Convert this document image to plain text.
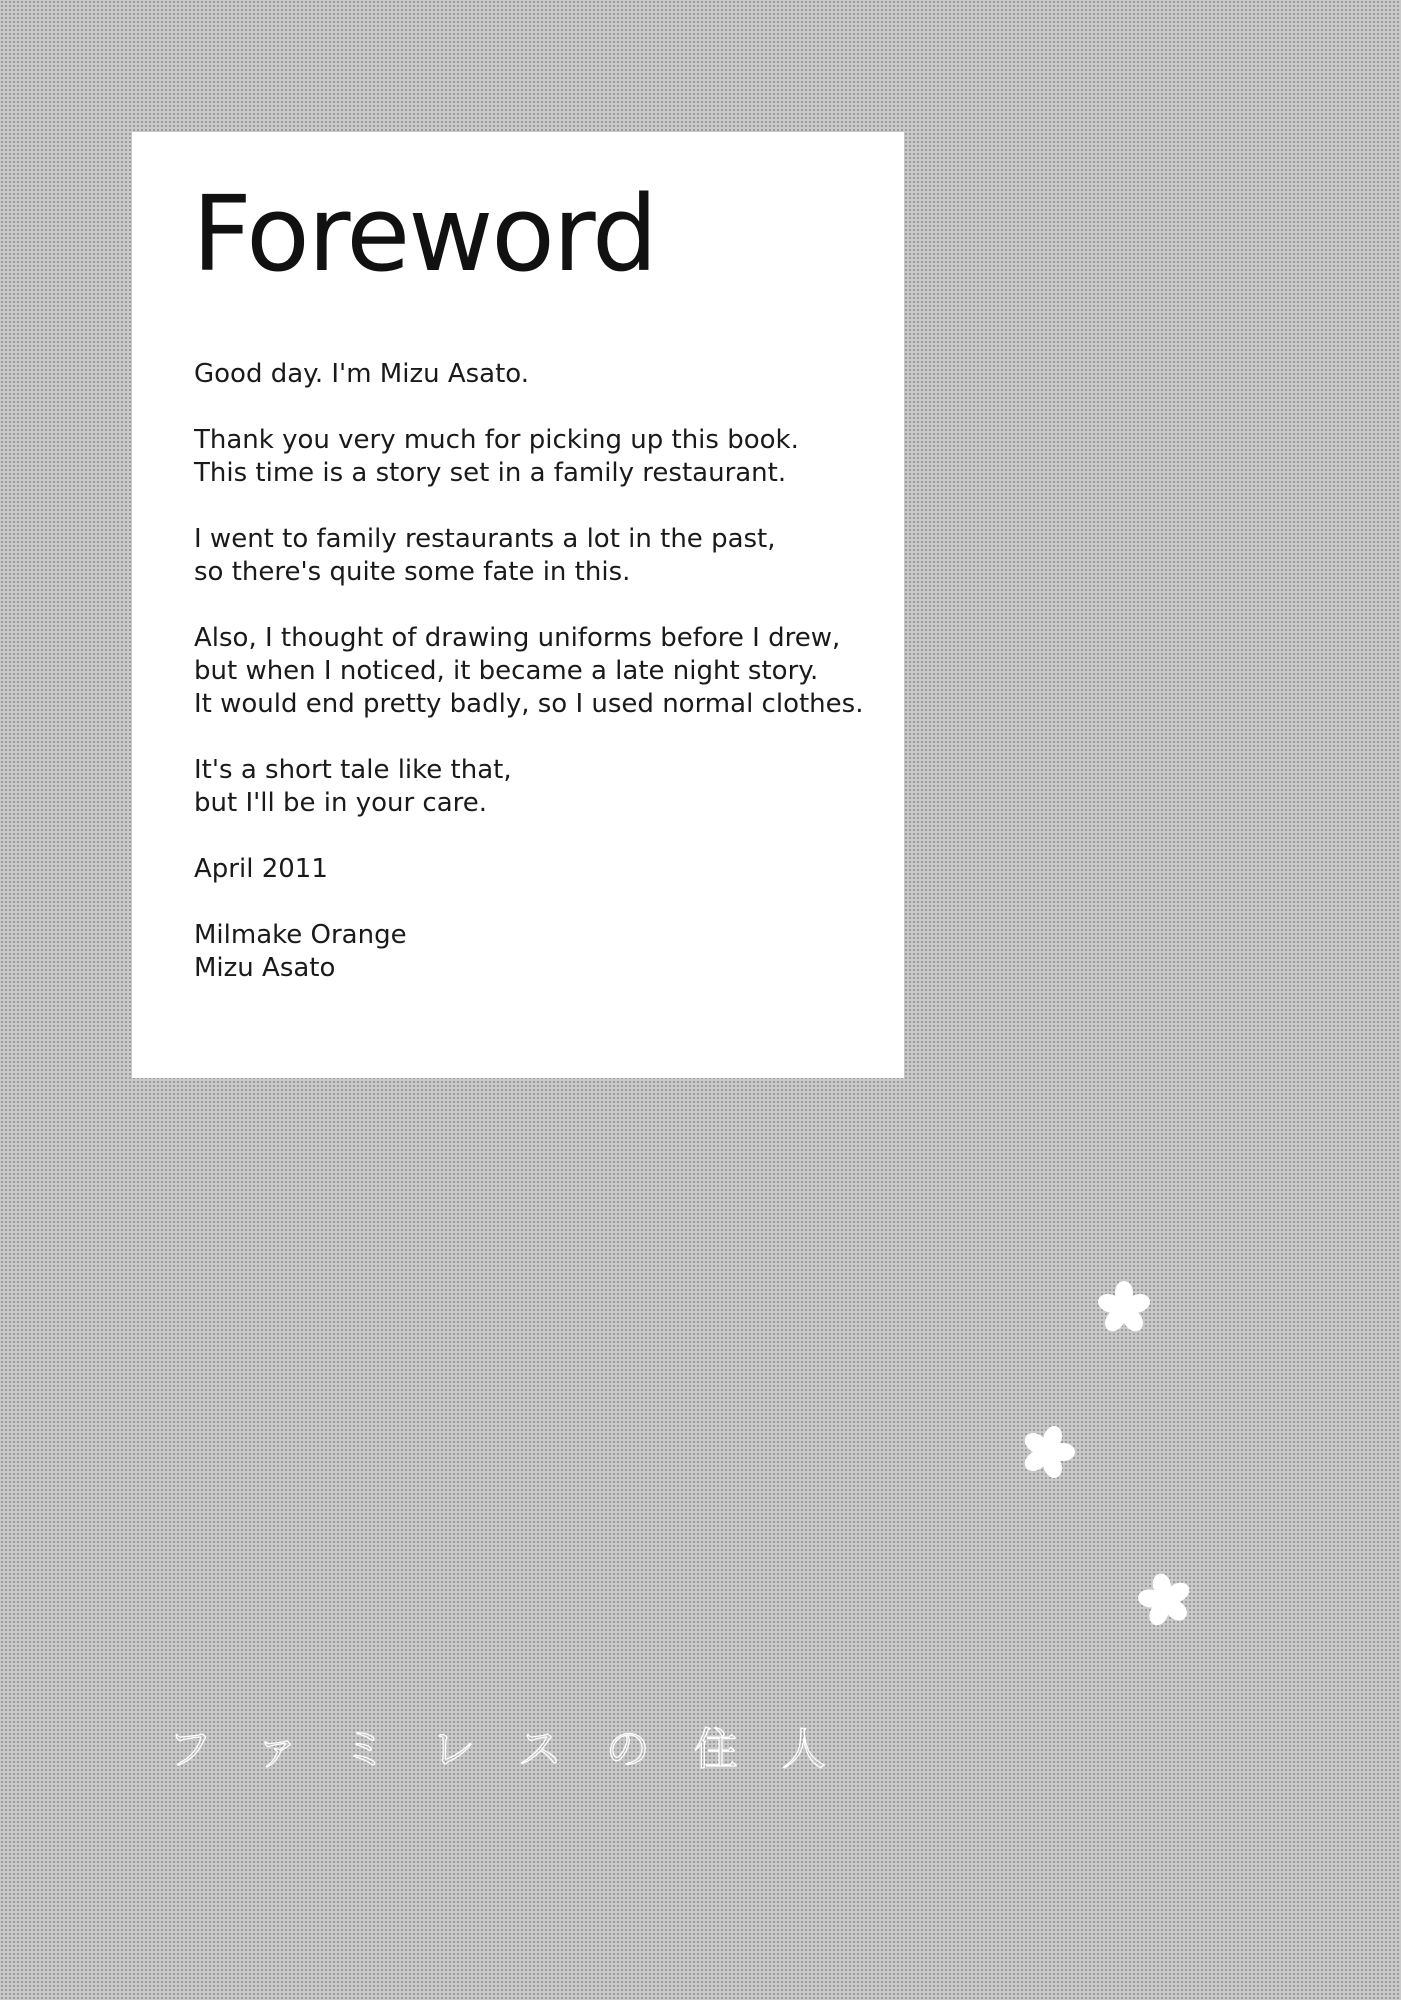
Foreword

Good day. I'm Mizu Asato.

Thank you very much for picking up this book.
This time is a story set in a family restaurant.

I went to family restaurants a lot in the past,
so there's quite some fate in this.

Also, I thought of drawing uniforms before I drew,
but when I noticed, it became a late night story.
It would end pretty badly, so I used normal clothes.

It's a short tale like that,
but I'll be in your care.

April 2011

Milmake Orange
Mizu Asato

ファミレスの住人
